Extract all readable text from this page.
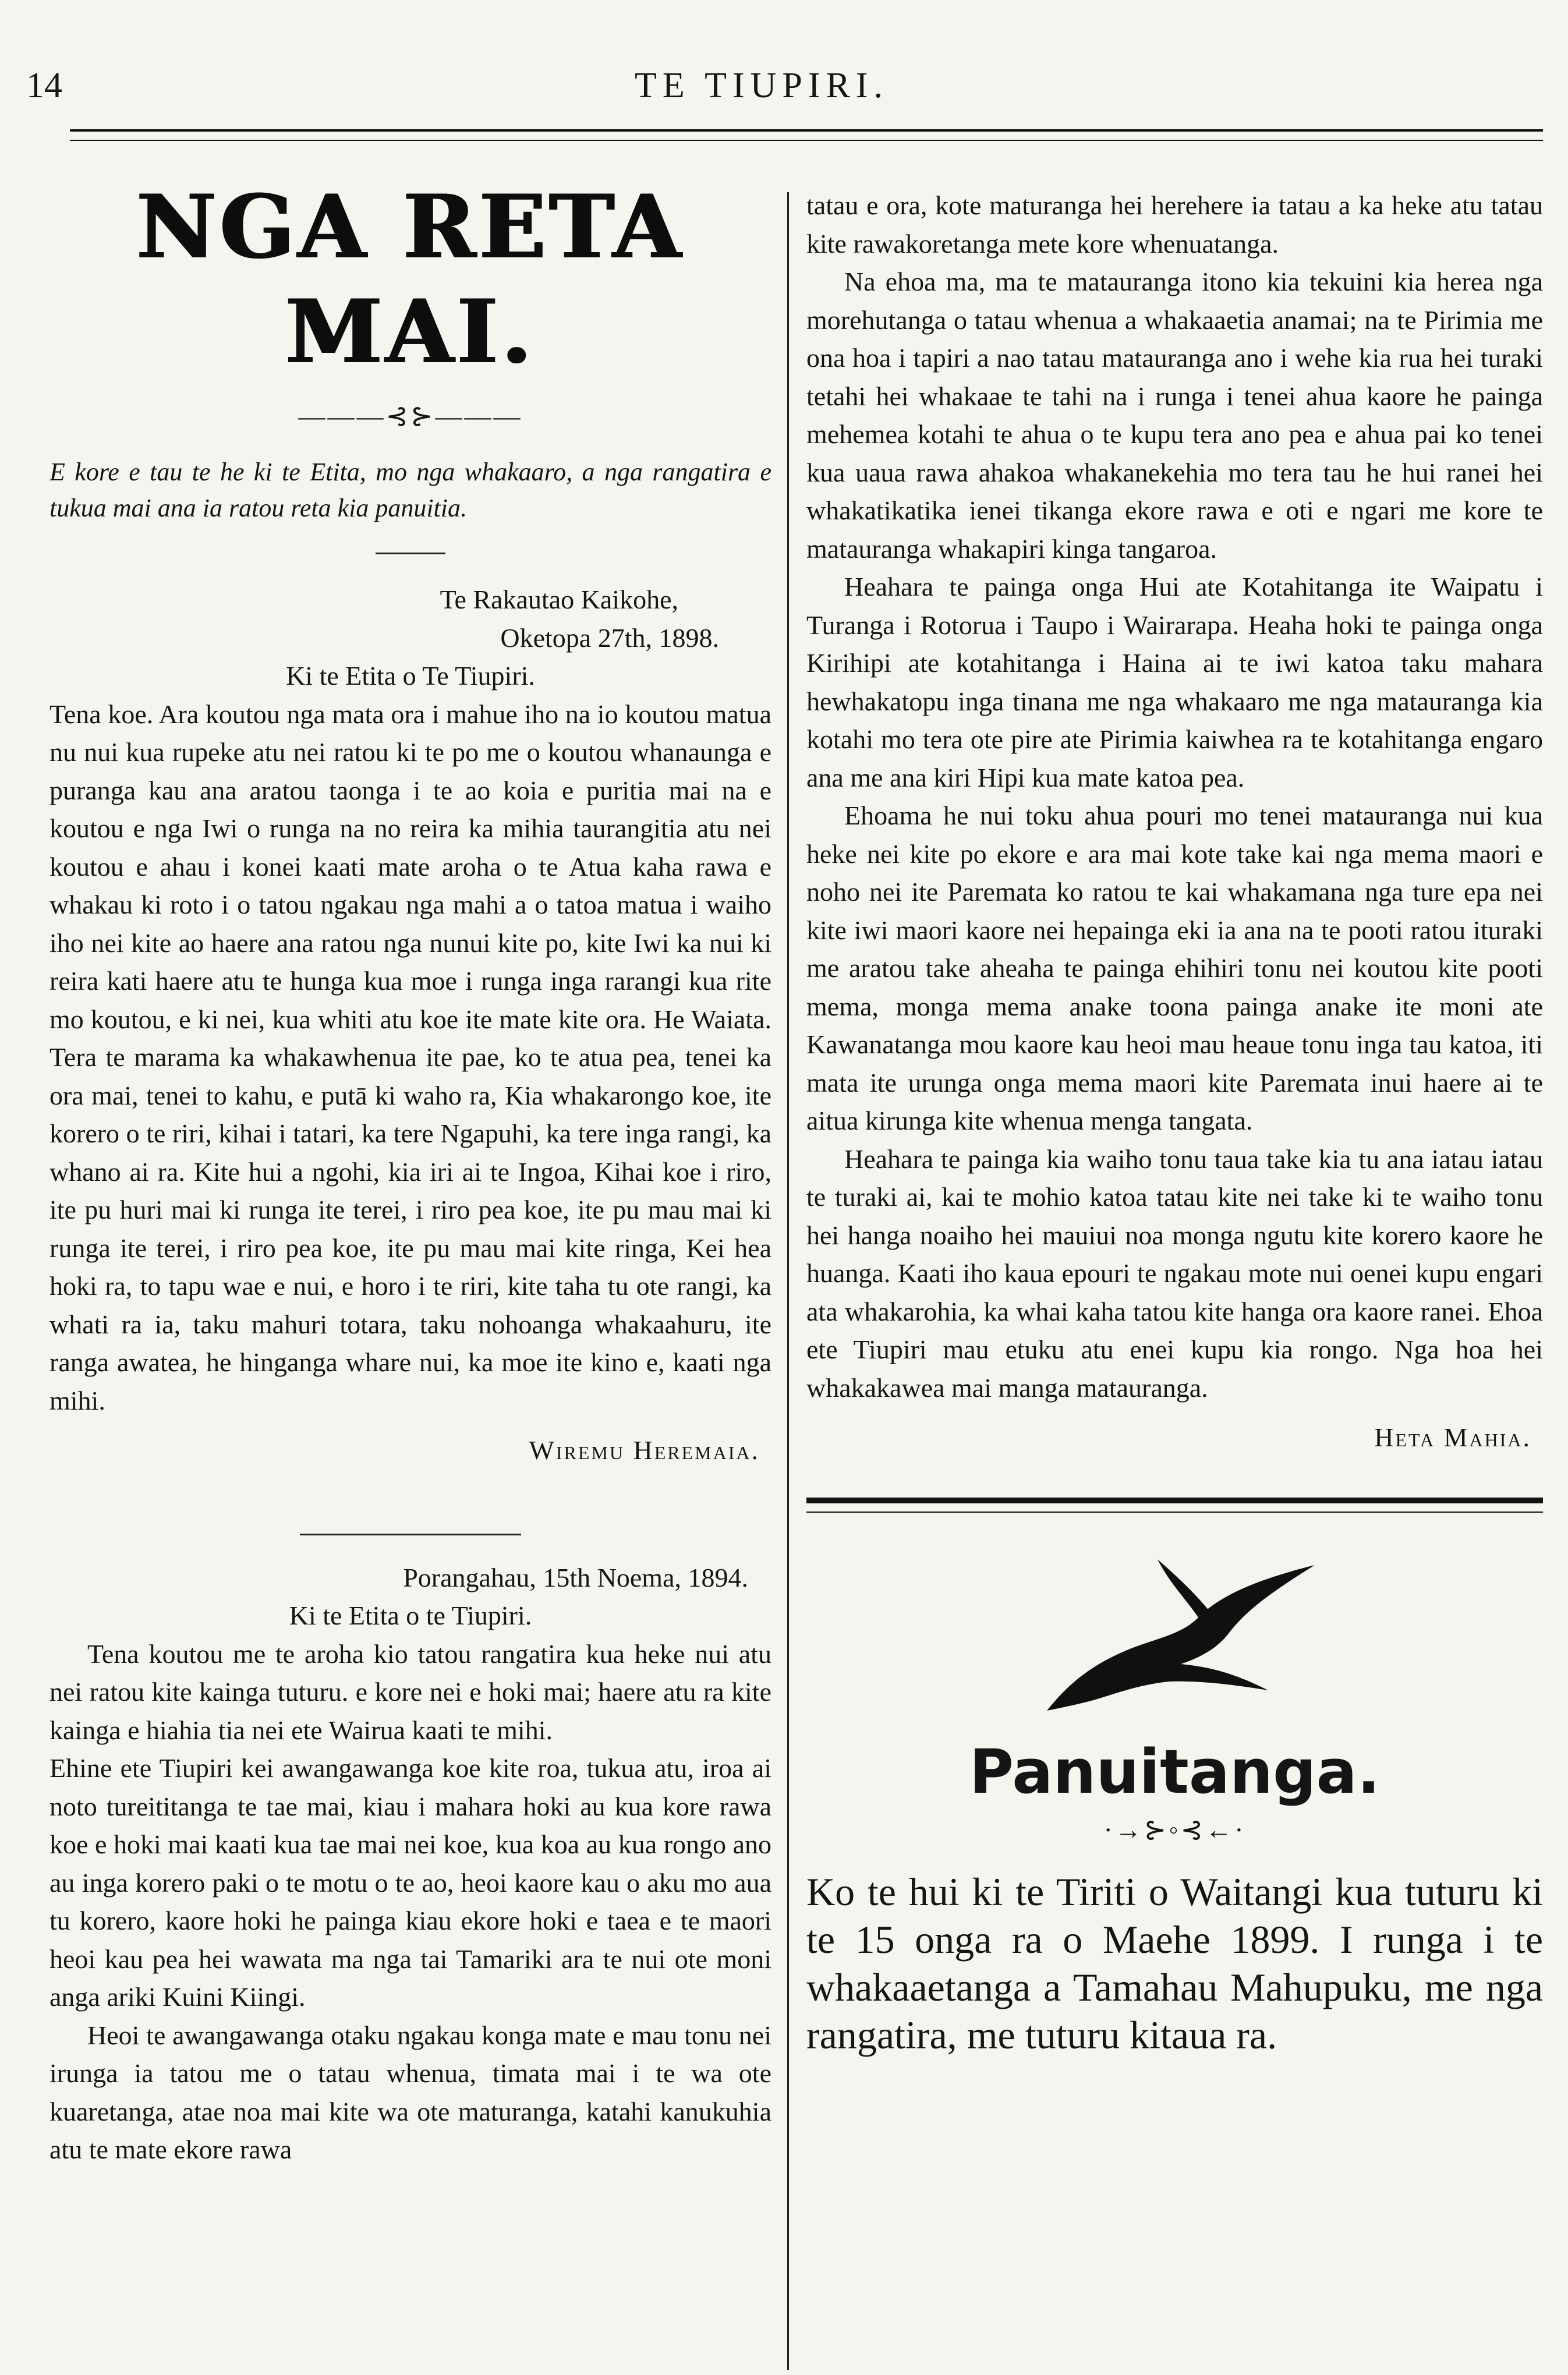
14	TE TIUPIRI.
NGA RETA MAI.
———⊰⊱———

E kore e tau te he ki te Etita, mo nga whakaaro, a nga rangatira e tukua mai ana ia ratou reta kia panuitia.

Te Rakautao Kaikohe,

Oketopa 27th, 1898.

Ki te Etita o Te Tiupiri.

Tena koe. Ara koutou nga mata ora i mahue iho na io koutou matua nu nui kua rupeke atu nei ratou ki te po me o koutou whanaunga e puranga kau ana aratou taonga i te ao koia e puritia mai na e koutou e nga Iwi o runga na no reira ka mihia taurangitia atu nei koutou e ahau i konei kaati mate aroha o te Atua kaha rawa e whakau ki roto i o tatou ngakau nga mahi a o tatoa matua i waiho iho nei kite ao haere ana ratou nga nunui kite po, kite Iwi ka nui ki reira kati haere atu te hunga kua moe i runga inga rarangi kua rite mo koutou, e ki nei, kua whiti atu koe ite mate kite ora. He Waiata. Tera te marama ka whakawhenua ite pae, ko te atua pea, tenei ka ora mai, tenei to kahu, e putā ki waho ra, Kia whakarongo koe, ite korero o te riri, kihai i tatari, ka tere Ngapuhi, ka tere inga rangi, ka whano ai ra. Kite hui a ngohi, kia iri ai te Ingoa, Kihai koe i riro, ite pu huri mai ki runga ite terei, i riro pea koe, ite pu mau mai ki runga ite terei, i riro pea koe, ite pu mau mai kite ringa, Kei hea hoki ra, to tapu wae e nui, e horo i te riri, kite taha tu ote rangi, ka whati ra ia, taku mahuri totara, taku nohoanga whakaahuru, ite ranga awatea, he hinganga whare nui, ka moe ite kino e, kaati nga mihi.

Wiremu Heremaia.

Porangahau, 15th Noema, 1894.

Ki te Etita o te Tiupiri.

Tena koutou me te aroha kio tatou rangatira kua heke nui atu nei ratou kite kainga tuturu. e kore nei e hoki mai; haere atu ra kite kainga e hiahia tia nei ete Wairua kaati te mihi.

Ehine ete Tiupiri kei awangawanga koe kite roa, tukua atu, iroa ai noto tureititanga te tae mai, kiau i mahara hoki au kua kore rawa koe e hoki mai kaati kua tae mai nei koe, kua koa au kua rongo ano au inga korero paki o te motu o te ao, heoi kaore kau o aku mo aua tu korero, kaore hoki he painga kiau ekore hoki e taea e te maori heoi kau pea hei wawata ma nga tai Tamariki ara te nui ote moni anga ariki Kuini Kiingi.

Heoi te awangawanga otaku ngakau konga mate e mau tonu nei irunga ia tatou me o tatau whenua, timata mai i te wa ote kuaretanga, atae noa mai kite wa ote maturanga, katahi kanukuhia atu te mate ekore rawa

tatau e ora, kote maturanga hei herehere ia tatau a ka heke atu tatau kite rawakoretanga mete kore whenuatanga.

Na ehoa ma, ma te matauranga itono kia tekuini kia herea nga morehutanga o tatau whenua a whakaaetia anamai; na te Pirimia me ona hoa i tapiri a nao tatau matauranga ano i wehe kia rua hei turaki tetahi hei whakaae te tahi na i runga i tenei ahua kaore he painga mehemea kotahi te ahua o te kupu tera ano pea e ahua pai ko tenei kua uaua rawa ahakoa whakanekehia mo tera tau he hui ranei hei whakatikatika ienei tikanga ekore rawa e oti e ngari me kore te matauranga whakapiri kinga tangaroa.

Heahara te painga onga Hui ate Kotahitanga ite Waipatu i Turanga i Rotorua i Taupo i Wairarapa. Heaha hoki te painga onga Kirihipi ate kotahitanga i Haina ai te iwi katoa taku mahara hewhakatopu inga tinana me nga whakaaro me nga matauranga kia kotahi mo tera ote pire ate Pirimia kaiwhea ra te kotahitanga engaro ana me ana kiri Hipi kua mate katoa pea.

Ehoama he nui toku ahua pouri mo tenei matauranga nui kua heke nei kite po ekore e ara mai kote take kai nga mema maori e noho nei ite Paremata ko ratou te kai whakamana nga ture epa nei kite iwi maori kaore nei hepainga eki ia ana na te pooti ratou ituraki me aratou take aheaha te painga ehihiri tonu nei koutou kite pooti mema, monga mema anake toona painga anake ite moni ate Kawanatanga mou kaore kau heoi mau heaue tonu inga tau katoa, iti mata ite urunga onga mema maori kite Paremata inui haere ai te aitua kirunga kite whenua menga tangata.

Heahara te painga kia waiho tonu taua take kia tu ana iatau iatau te turaki ai, kai te mohio katoa tatau kite nei take ki te waiho tonu hei hanga noaiho hei mauiui noa monga ngutu kite korero kaore he huanga. Kaati iho kaua epouri te ngakau mote nui oenei kupu engari ata whakarohia, ka whai kaha tatou kite hanga ora kaore ranei. Ehoa ete Tiupiri mau etuku atu enei kupu kia rongo. Nga hoa hei whakakawea mai manga matauranga.

Heta Mahia.

Panuitanga.
·→⊱◦⊰←·

Ko te hui ki te Tiriti o Waitangi kua tuturu ki te 15 onga ra o Maehe 1899. I runga i te whakaaetanga a Tamahau Mahupuku, me nga rangatira, me tuturu kitaua ra.
